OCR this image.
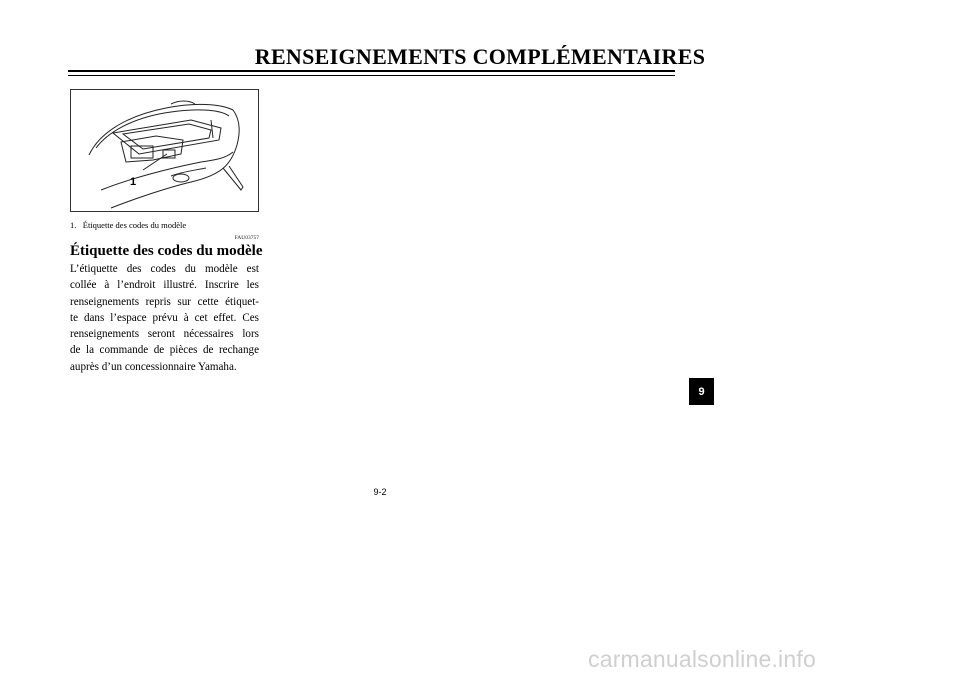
RENSEIGNEMENTS COMPLÉMENTAIRES
1
1.   Étiquette des codes du modèle
FAU03757
Étiquette des codes du modèle

L’étiquette des codes du modèle est
collée à l’endroit illustré. Inscrire les
renseignements repris sur cette étiquet-
te dans l’espace prévu à cet effet. Ces
renseignements seront nécessaires lors
de la commande de pièces de rechange
auprès d’un concessionnaire Yamaha.

9
9-2
carmanualsonline.info
